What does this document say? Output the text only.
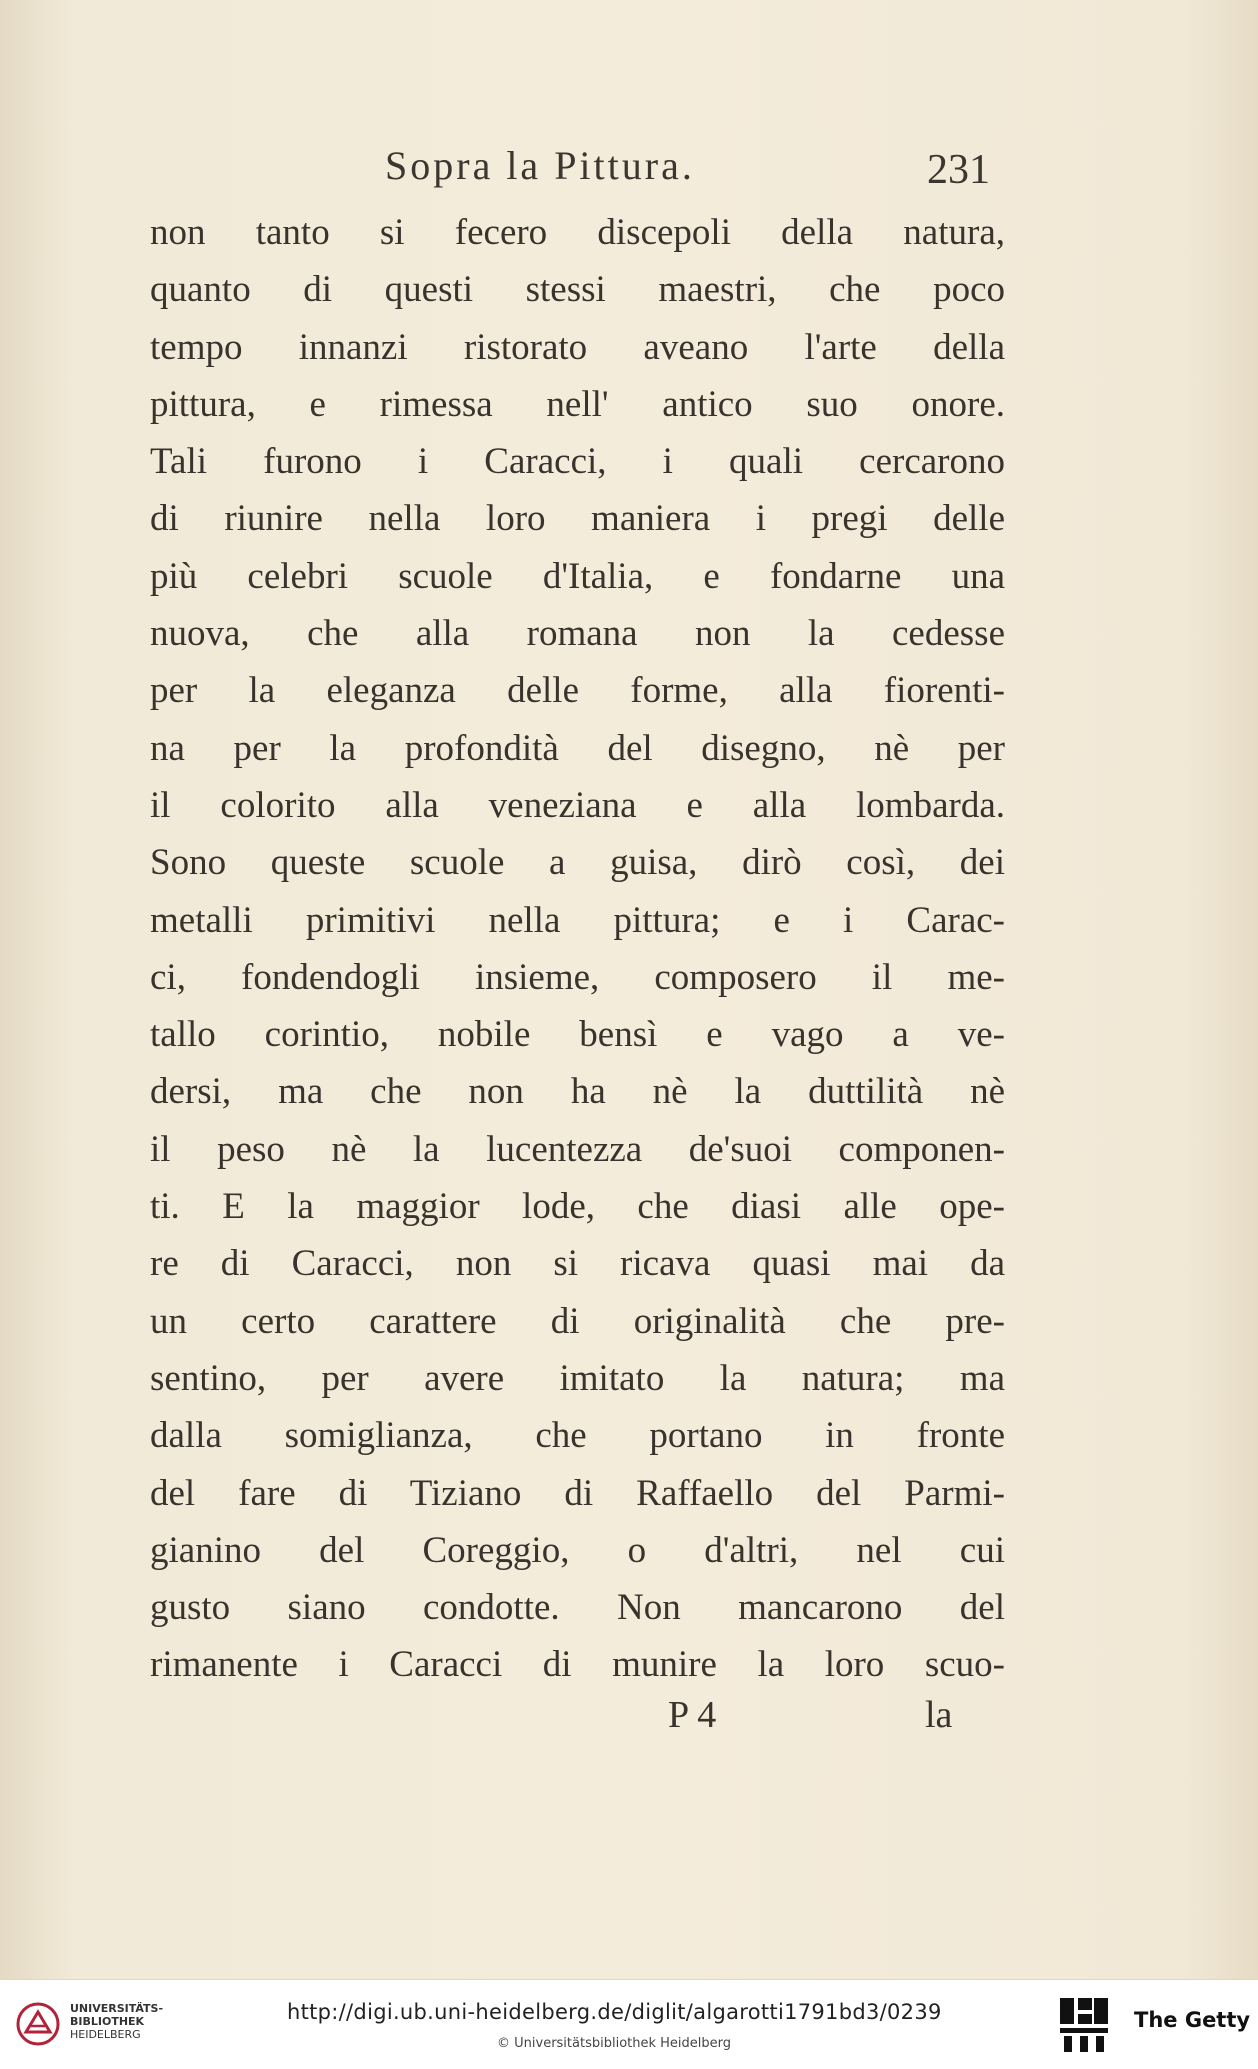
Sopra la Pittura.	231
non tanto si fecero discepoli della natura,
quanto di questi stessi maestri, che poco
tempo innanzi ristorato aveano l'arte della
pittura, e rimessa nell' antico suo onore.
Tali furono i Caracci, i quali cercarono
di riunire nella loro maniera i pregi delle
più celebri scuole d'Italia, e fondarne una
nuova, che alla romana non la cedesse
per la eleganza delle forme, alla fiorenti-
na per la profondità del disegno, nè per
il colorito alla veneziana e alla lombarda.
Sono queste scuole a guisa, dirò così, dei
metalli primitivi nella pittura; e i Carac-
ci, fondendogli insieme, composero il me-
tallo corintio, nobile bensì e vago a ve-
dersi, ma che non ha nè la duttilità nè
il peso nè la lucentezza de'suoi componen-
ti. E la maggior lode, che diasi alle ope-
re di Caracci, non si ricava quasi mai da
un certo carattere di originalità che pre-
sentino, per avere imitato la natura; ma
dalla somiglianza, che portano in fronte
del fare di Tiziano di Raffaello del Parmi-
gianino del Coreggio, o d'altri, nel cui
gusto siano condotte. Non mancarono del
rimanente i Caracci di munire la loro scuo-
P 4	la
UNIVERSITÄTS-
BIBLIOTHEK
HEIDELBERG
http://digi.ub.uni-heidelberg.de/diglit/algarotti1791bd3/0239
© Universitätsbibliothek Heidelberg
The Getty
